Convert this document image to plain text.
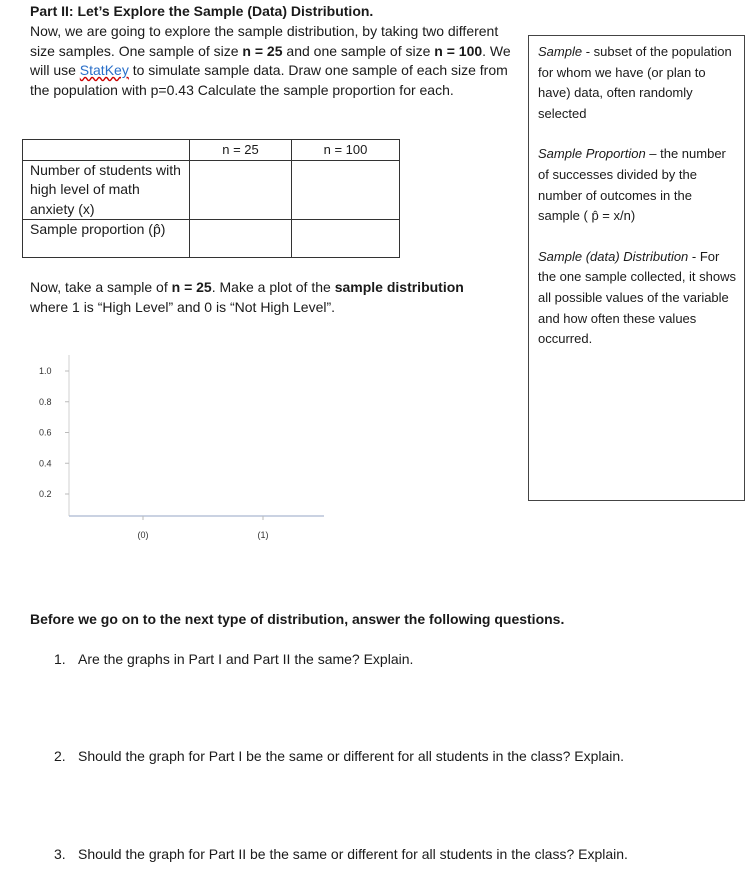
Part II: Let’s Explore the Sample (Data) Distribution.
Now, we are going to explore the sample distribution, by taking two different size samples. One sample of size n = 25 and one sample of size n = 100. We will use StatKey to simulate sample data. Draw one sample of each size from the population with p=0.43 Calculate the sample proportion for each.
	n = 25	n = 100
Number of students with high level of math anxiety (x)		
Sample proportion (p̂)		
Now, take a sample of n = 25. Make a plot of the sample distribution where 1 is “High Level” and 0 is “Not High Level”.
0.2
0.4
0.6
0.8
1.0
(0)	(1)

Sample - subset of the population for whom we have (or plan to have) data, often randomly selected

Sample Proportion – the number of successes divided by the number of outcomes in the sample ( p̂ = x/n)

Sample (data) Distribution - For the one sample collected, it shows all possible values of the variable and how often these values occurred.

Before we go on to the next type of distribution, answer the following questions.
1. Are the graphs in Part I and Part II the same? Explain.
2. Should the graph for Part I be the same or different for all students in the class? Explain.
3. Should the graph for Part II be the same or different for all students in the class? Explain.
